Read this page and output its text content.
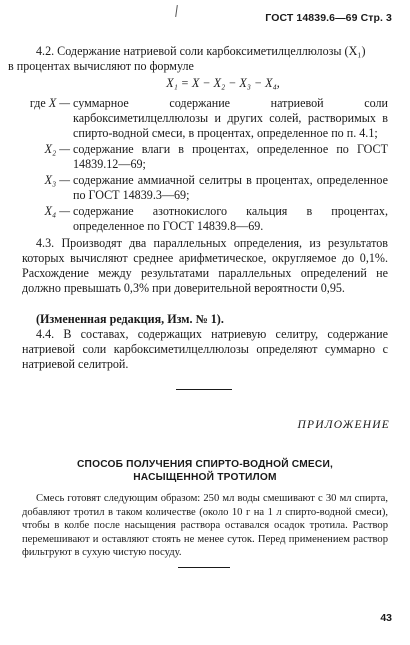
ГОСТ 14839.6—69 Стр. 3
4.2. Содержание натриевой соли карбоксиметилцеллюлозы (X₁)
в процентах вычисляют по формуле
X₁ = X − X₂ − X₃ − X₄,
где X — суммарное содержание натриевой соли карбоксиметилцеллюлозы и других солей, растворимых в спирто-водной смеси, в процентах, определенное по п. 4.1;
X₂ — содержание влаги в процентах, определенное по ГОСТ 14839.12—69;
X₃ — содержание аммиачной селитры в процентах, определенное по ГОСТ 14839.3—69;
X₄ — содержание азотнокислого кальция в процентах, определенное по ГОСТ 14839.8—69.
4.3. Производят два параллельных определения, из результатов которых вычисляют среднее арифметическое, округляемое до 0,1%. Расхождение между результатами параллельных определений не должно превышать 0,3% при доверительной вероятности 0,95.
(Измененная редакция, Изм. № 1).
4.4. В составах, содержащих натриевую селитру, содержание натриевой соли карбоксиметилцеллюлозы определяют суммарно с натриевой селитрой.
ПРИЛОЖЕНИЕ
СПОСОБ ПОЛУЧЕНИЯ СПИРТО-ВОДНОЙ СМЕСИ,
НАСЫЩЕННОЙ ТРОТИЛОМ
Смесь готовят следующим образом: 250 мл воды смешивают с 30 мл спирта, добавляют тротил в таком количестве (около 10 г на 1 л спирто-водной смеси), чтобы в колбе после насыщения раствора оставался осадок тротила. Раствор перемешивают и оставляют стоять не менее суток. Перед применением раствор фильтруют в сухую чистую посуду.
43
